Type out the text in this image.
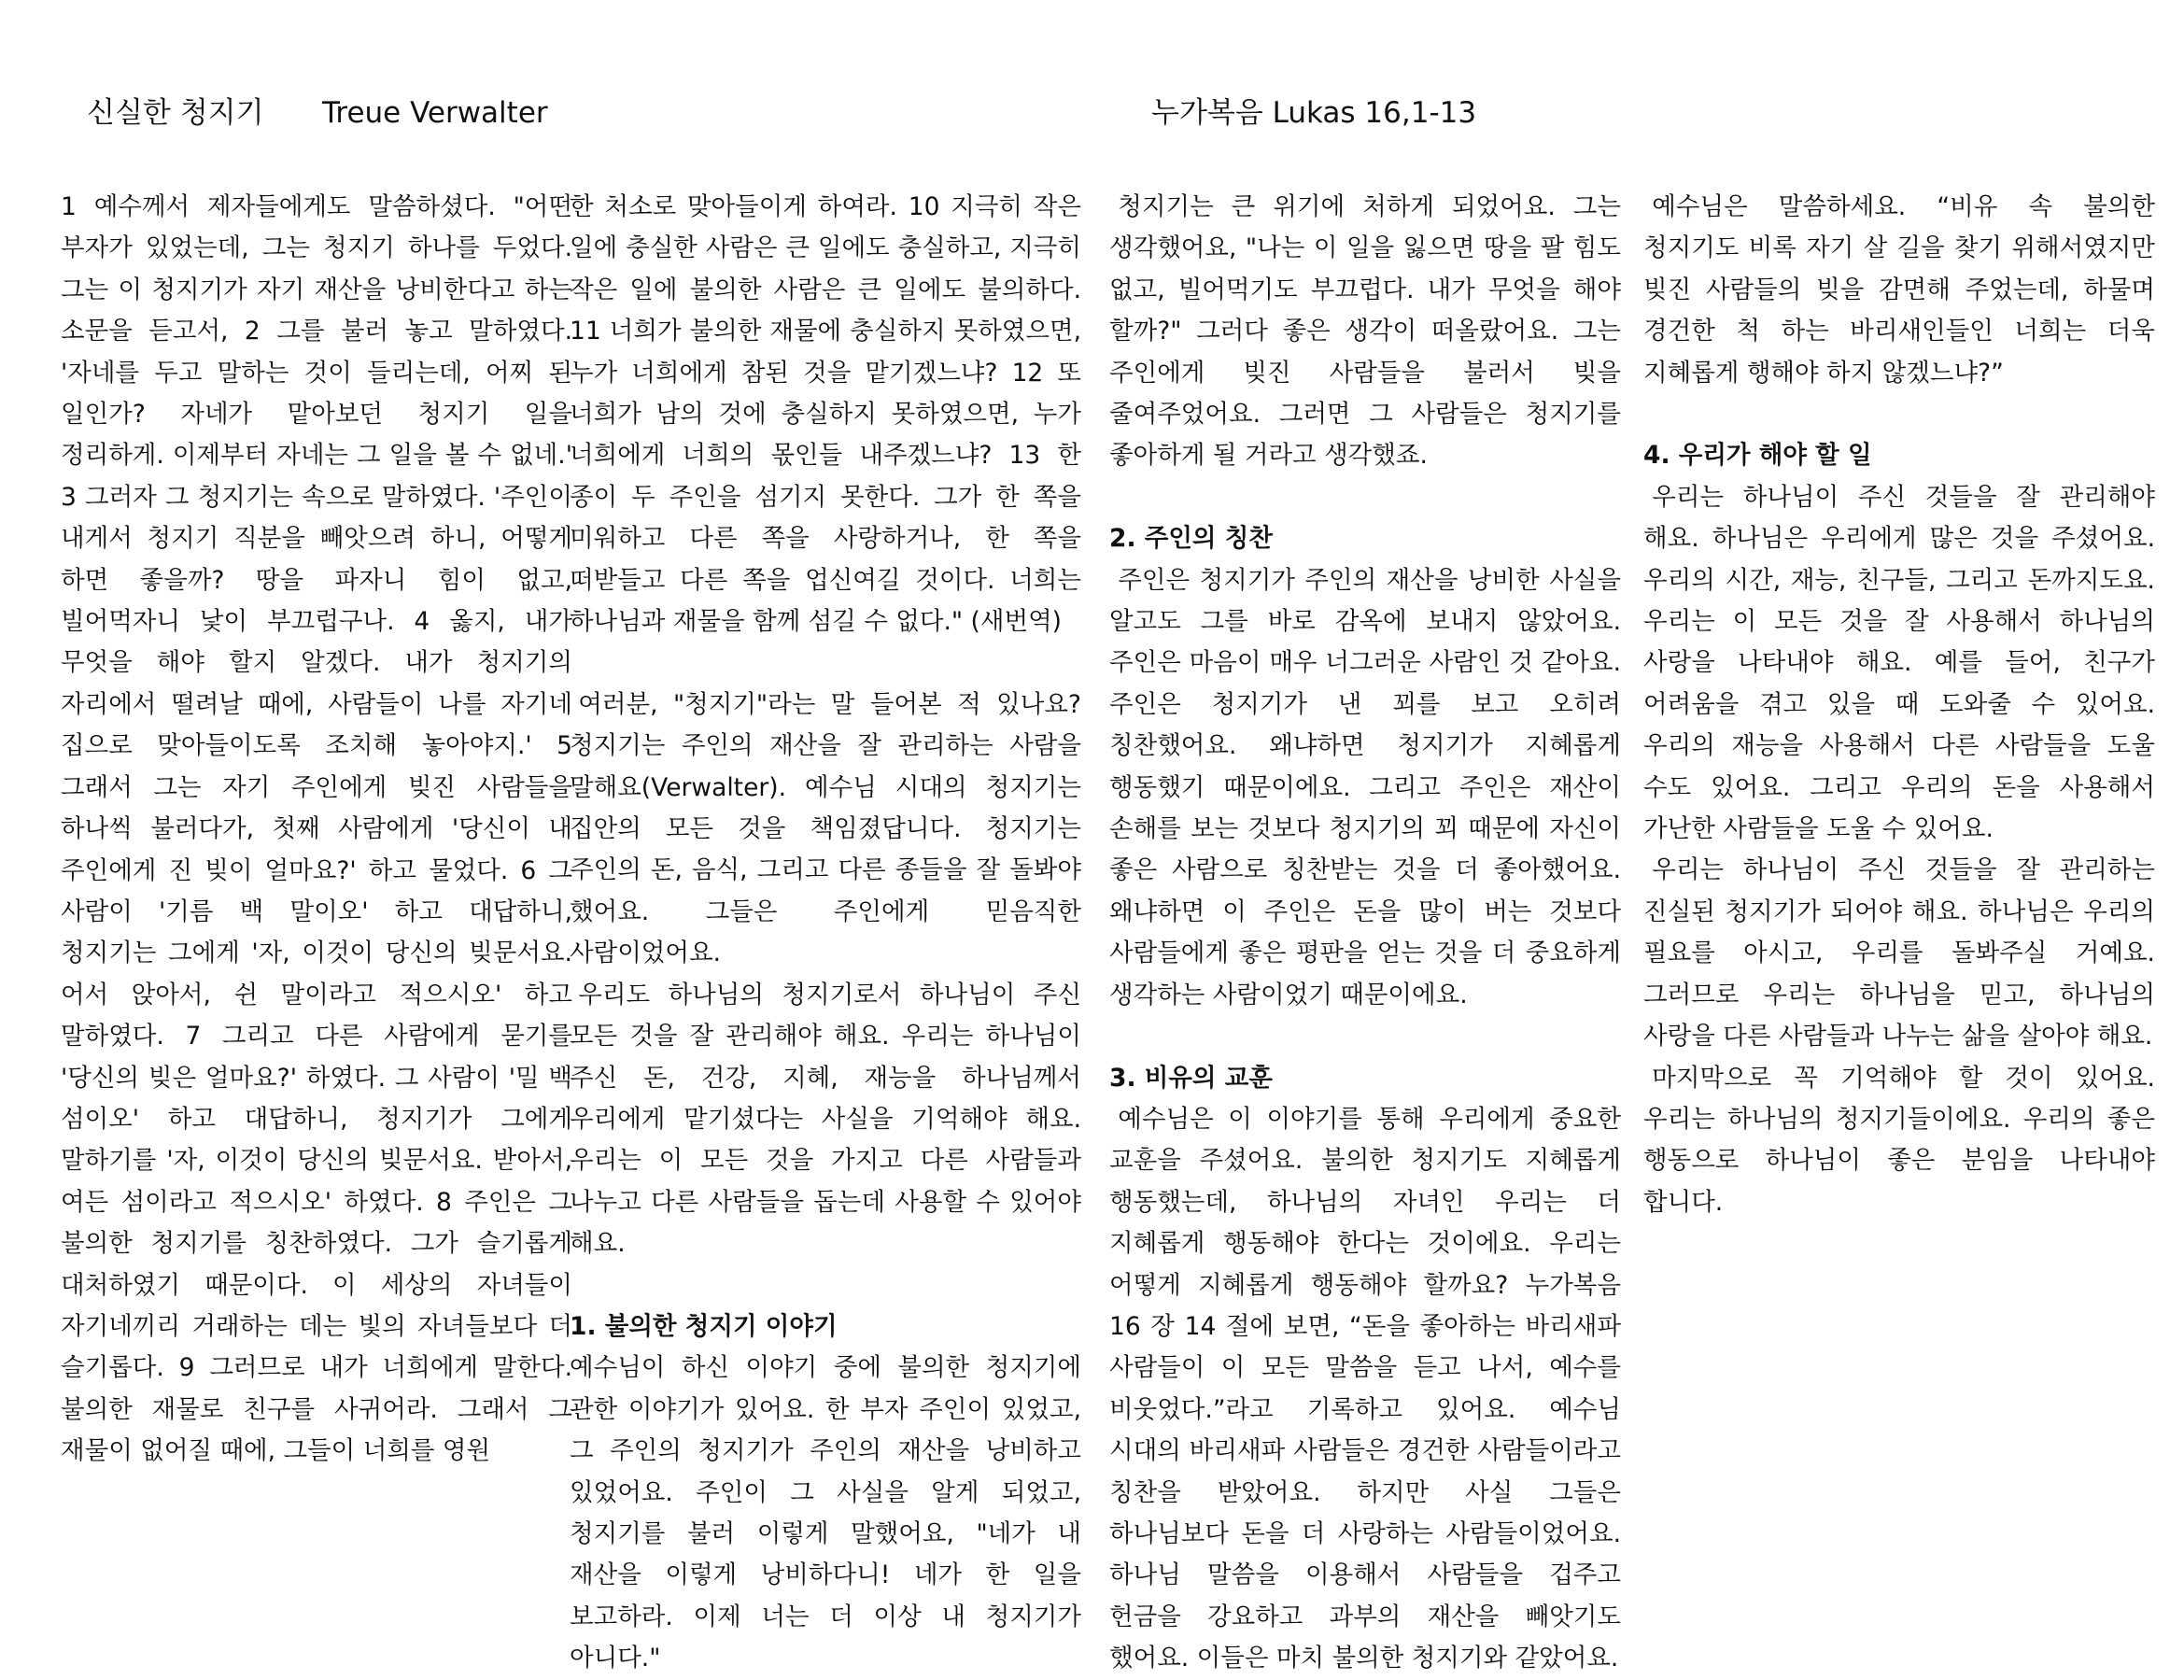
신실한 청지기 Treue Verwalter	누가복음 Lukas 16,1-13

1 예수께서 제자들에게도 말씀하셨다. "어떤 부자가 있었는데, 그는 청지기 하나를 두었다. 그는 이 청지기가 자기 재산을 낭비한다고 하는 소문을 듣고서, 2 그를 불러 놓고 말하였다. '자네를 두고 말하는 것이 들리는데, 어찌 된 일인가? 자네가 맡아보던 청지기 일을 정리하게. 이제부터 자네는 그 일을 볼 수 없네.' 3 그러자 그 청지기는 속으로 말하였다. '주인이 내게서 청지기 직분을 빼앗으려 하니, 어떻게 하면 좋을까? 땅을 파자니 힘이 없고, 빌어먹자니 낯이 부끄럽구나. 4 옳지, 내가 무엇을 해야 할지 알겠다. 내가 청지기의 자리에서 떨려날 때에, 사람들이 나를 자기네 집으로 맞아들이도록 조치해 놓아야지.' 5 그래서 그는 자기 주인에게 빚진 사람들을 하나씩 불러다가, 첫째 사람에게 '당신이 내 주인에게 진 빚이 얼마요?' 하고 물었다. 6 그 사람이 '기름 백 말이오' 하고 대답하니, 청지기는 그에게 '자, 이것이 당신의 빚문서요. 어서 앉아서, 쉰 말이라고 적으시오' 하고 말하였다. 7 그리고 다른 사람에게 묻기를 '당신의 빚은 얼마요?' 하였다. 그 사람이 '밀 백 섬이오' 하고 대답하니, 청지기가 그에게 말하기를 '자, 이것이 당신의 빚문서요. 받아서, 여든 섬이라고 적으시오' 하였다. 8 주인은 그 불의한 청지기를 칭찬하였다. 그가 슬기롭게 대처하였기 때문이다. 이 세상의 자녀들이 자기네끼리 거래하는 데는 빛의 자녀들보다 더 슬기롭다. 9 그러므로 내가 너희에게 말한다. 불의한 재물로 친구를 사귀어라. 그래서 그 재물이 없어질 때에, 그들이 너희를 영원

한 처소로 맞아들이게 하여라. 10 지극히 작은 일에 충실한 사람은 큰 일에도 충실하고, 지극히 작은 일에 불의한 사람은 큰 일에도 불의하다. 11 너희가 불의한 재물에 충실하지 못하였으면, 누가 너희에게 참된 것을 맡기겠느냐? 12 또 너희가 남의 것에 충실하지 못하였으면, 누가 너희에게 너희의 몫인들 내주겠느냐? 13 한 종이 두 주인을 섬기지 못한다. 그가 한 쪽을 미워하고 다른 쪽을 사랑하거나, 한 쪽을 떠받들고 다른 쪽을 업신여길 것이다. 너희는 하나님과 재물을 함께 섬길 수 없다." (새번역)

여러분, "청지기"라는 말 들어본 적 있나요? 청지기는 주인의 재산을 잘 관리하는 사람을 말해요(Verwalter). 예수님 시대의 청지기는 집안의 모든 것을 책임졌답니다. 청지기는 주인의 돈, 음식, 그리고 다른 종들을 잘 돌봐야 했어요. 그들은 주인에게 믿음직한 사람이었어요.

우리도 하나님의 청지기로서 하나님이 주신 모든 것을 잘 관리해야 해요. 우리는 하나님이 주신 돈, 건강, 지혜, 재능을 하나님께서 우리에게 맡기셨다는 사실을 기억해야 해요. 우리는 이 모든 것을 가지고 다른 사람들과 나누고 다른 사람들을 돕는데 사용할 수 있어야 해요.

1. 불의한 청지기 이야기

예수님이 하신 이야기 중에 불의한 청지기에 관한 이야기가 있어요. 한 부자 주인이 있었고, 그 주인의 청지기가 주인의 재산을 낭비하고 있었어요. 주인이 그 사실을 알게 되었고, 청지기를 불러 이렇게 말했어요, "네가 내 재산을 이렇게 낭비하다니! 네가 한 일을 보고하라. 이제 너는 더 이상 내 청지기가 아니다."

청지기는 큰 위기에 처하게 되었어요. 그는 생각했어요, "나는 이 일을 잃으면 땅을 팔 힘도 없고, 빌어먹기도 부끄럽다. 내가 무엇을 해야 할까?" 그러다 좋은 생각이 떠올랐어요. 그는 주인에게 빚진 사람들을 불러서 빚을 줄여주었어요. 그러면 그 사람들은 청지기를 좋아하게 될 거라고 생각했죠.

2. 주인의 칭찬

주인은 청지기가 주인의 재산을 낭비한 사실을 알고도 그를 바로 감옥에 보내지 않았어요. 주인은 마음이 매우 너그러운 사람인 것 같아요. 주인은 청지기가 낸 꾀를 보고 오히려 칭찬했어요. 왜냐하면 청지기가 지혜롭게 행동했기 때문이에요. 그리고 주인은 재산이 손해를 보는 것보다 청지기의 꾀 때문에 자신이 좋은 사람으로 칭찬받는 것을 더 좋아했어요. 왜냐하면 이 주인은 돈을 많이 버는 것보다 사람들에게 좋은 평판을 얻는 것을 더 중요하게 생각하는 사람이었기 때문이에요.

3. 비유의 교훈

예수님은 이 이야기를 통해 우리에게 중요한 교훈을 주셨어요. 불의한 청지기도 지혜롭게 행동했는데, 하나님의 자녀인 우리는 더 지혜롭게 행동해야 한다는 것이에요. 우리는 어떻게 지혜롭게 행동해야 할까요? 누가복음 16 장 14 절에 보면, “돈을 좋아하는 바리새파 사람들이 이 모든 말씀을 듣고 나서, 예수를 비웃었다.”라고 기록하고 있어요. 예수님 시대의 바리새파 사람들은 경건한 사람들이라고 칭찬을 받았어요. 하지만 사실 그들은 하나님보다 돈을 더 사랑하는 사람들이었어요. 하나님 말씀을 이용해서 사람들을 겁주고 헌금을 강요하고 과부의 재산을 빼앗기도 했어요. 이들은 마치 불의한 청지기와 같았어요.

예수님은 말씀하세요. “비유 속 불의한 청지기도 비록 자기 살 길을 찾기 위해서였지만 빚진 사람들의 빚을 감면해 주었는데, 하물며 경건한 척 하는 바리새인들인 너희는 더욱 지혜롭게 행해야 하지 않겠느냐?”

4. 우리가 해야 할 일

우리는 하나님이 주신 것들을 잘 관리해야 해요. 하나님은 우리에게 많은 것을 주셨어요. 우리의 시간, 재능, 친구들, 그리고 돈까지도요. 우리는 이 모든 것을 잘 사용해서 하나님의 사랑을 나타내야 해요. 예를 들어, 친구가 어려움을 겪고 있을 때 도와줄 수 있어요. 우리의 재능을 사용해서 다른 사람들을 도울 수도 있어요. 그리고 우리의 돈을 사용해서 가난한 사람들을 도울 수 있어요.

우리는 하나님이 주신 것들을 잘 관리하는 진실된 청지기가 되어야 해요. 하나님은 우리의 필요를 아시고, 우리를 돌봐주실 거예요. 그러므로 우리는 하나님을 믿고, 하나님의 사랑을 다른 사람들과 나누는 삶을 살아야 해요.

마지막으로 꼭 기억해야 할 것이 있어요. 우리는 하나님의 청지기들이에요. 우리의 좋은 행동으로 하나님이 좋은 분임을 나타내야 합니다.
